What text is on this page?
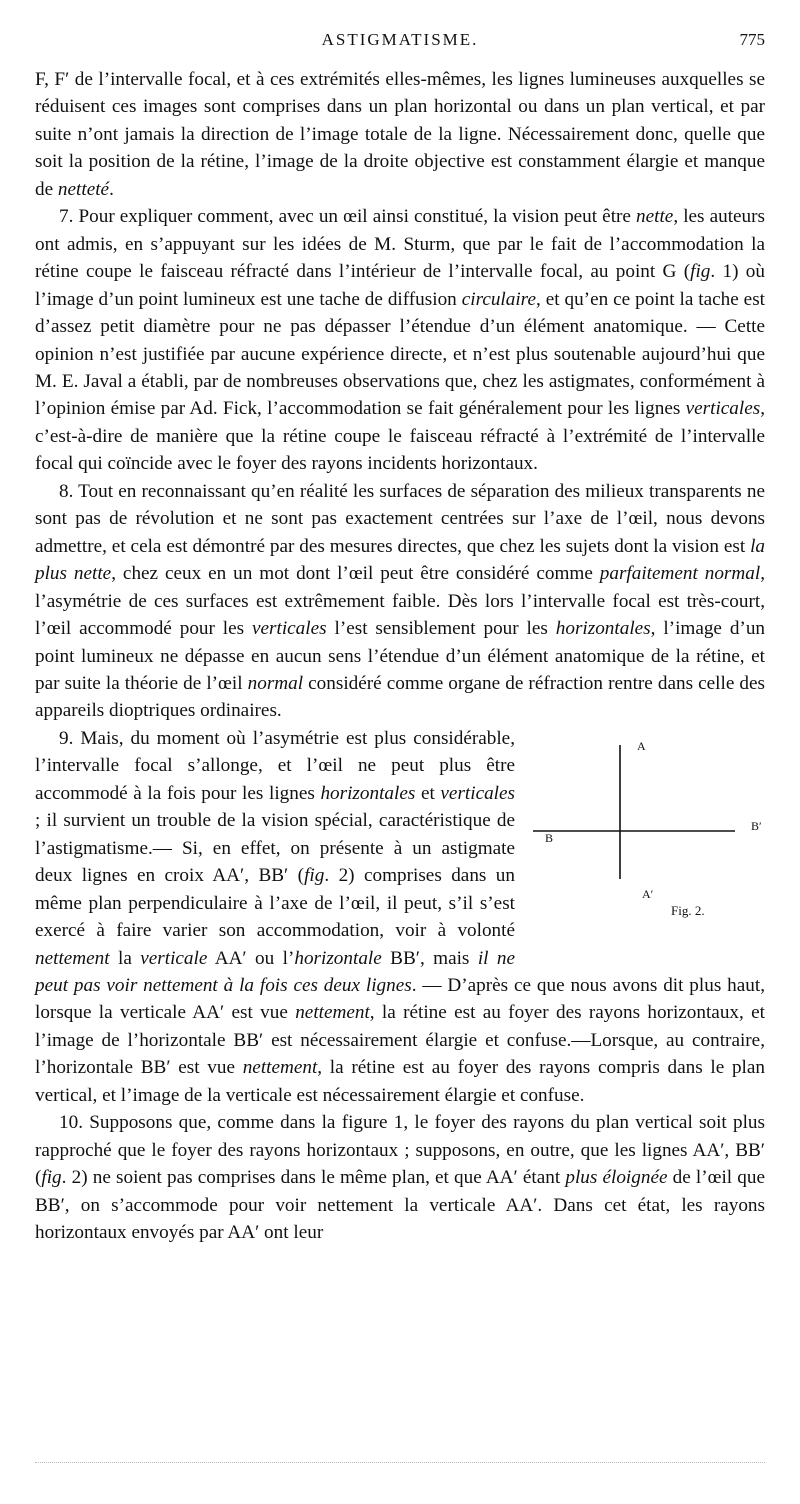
ASTIGMATISME.	775

F, F′ de l’intervalle focal, et à ces extrémités elles-mêmes, les lignes lumineuses auxquelles se réduisent ces images sont comprises dans un plan horizontal ou dans un plan vertical, et par suite n’ont jamais la direction de l’image totale de la ligne. Nécessairement donc, quelle que soit la position de la rétine, l’image de la droite objective est constamment élargie et manque de netteté.

7. Pour expliquer comment, avec un œil ainsi constitué, la vision peut être nette, les auteurs ont admis, en s’appuyant sur les idées de M. Sturm, que par le fait de l’accommodation la rétine coupe le faisceau réfracté dans l’intérieur de l’intervalle focal, au point G (fig. 1) où l’image d’un point lumineux est une tache de diffusion circulaire, et qu’en ce point la tache est d’assez petit diamètre pour ne pas dépasser l’étendue d’un élément anatomique. — Cette opinion n’est justifiée par aucune expérience directe, et n’est plus soutenable aujourd’hui que M. E. Javal a établi, par de nombreuses observations que, chez les astigmates, conformément à l’opinion émise par Ad. Fick, l’accommodation se fait généralement pour les lignes verticales, c’est-à-dire de manière que la rétine coupe le faisceau réfracté à l’extrémité de l’intervalle focal qui coïncide avec le foyer des rayons incidents horizontaux.

8. Tout en reconnaissant qu’en réalité les surfaces de séparation des milieux transparents ne sont pas de révolution et ne sont pas exactement centrées sur l’axe de l’œil, nous devons admettre, et cela est démontré par des mesures directes, que chez les sujets dont la vision est la plus nette, chez ceux en un mot dont l’œil peut être considéré comme parfaitement normal, l’asymétrie de ces surfaces est extrêmement faible. Dès lors l’intervalle focal est très-court, l’œil accommodé pour les verticales l’est sensiblement pour les horizontales, l’image d’un point lumineux ne dépasse en aucun sens l’étendue d’un élément anatomique de la rétine, et par suite la théorie de l’œil normal considéré comme organe de réfraction rentre dans celle des appareils dioptriques ordinaires.

A
A′
B
B′
Fig. 2.
9. Mais, du moment où l’asymétrie est plus considérable, l’intervalle focal s’allonge, et l’œil ne peut plus être accommodé à la fois pour les lignes horizontales et verticales ; il survient un trouble de la vision spécial, caractéristique de l’astigmatisme.— Si, en effet, on présente à un astigmate deux lignes en croix AA′, BB′ (fig. 2) comprises dans un même plan perpendiculaire à l’axe de l’œil, il peut, s’il s’est exercé à faire varier son accommodation, voir à volonté nettement la verticale AA′ ou l’horizontale BB′, mais il ne peut pas voir nettement à la fois ces deux lignes. — D’après ce que nous avons dit plus haut, lorsque la verticale AA′ est vue nettement, la rétine est au foyer des rayons horizontaux, et l’image de l’horizontale BB′ est nécessairement élargie et confuse.—Lorsque, au contraire, l’horizontale BB′ est vue nettement, la rétine est au foyer des rayons compris dans le plan vertical, et l’image de la verticale est nécessairement élargie et confuse.

10. Supposons que, comme dans la figure 1, le foyer des rayons du plan vertical soit plus rapproché que le foyer des rayons horizontaux ; supposons, en outre, que les lignes AA′, BB′ (fig. 2) ne soient pas comprises dans le même plan, et que AA′ étant plus éloignée de l’œil que BB′, on s’accommode pour voir nettement la verticale AA′. Dans cet état, les rayons horizontaux envoyés par AA′ ont leur
